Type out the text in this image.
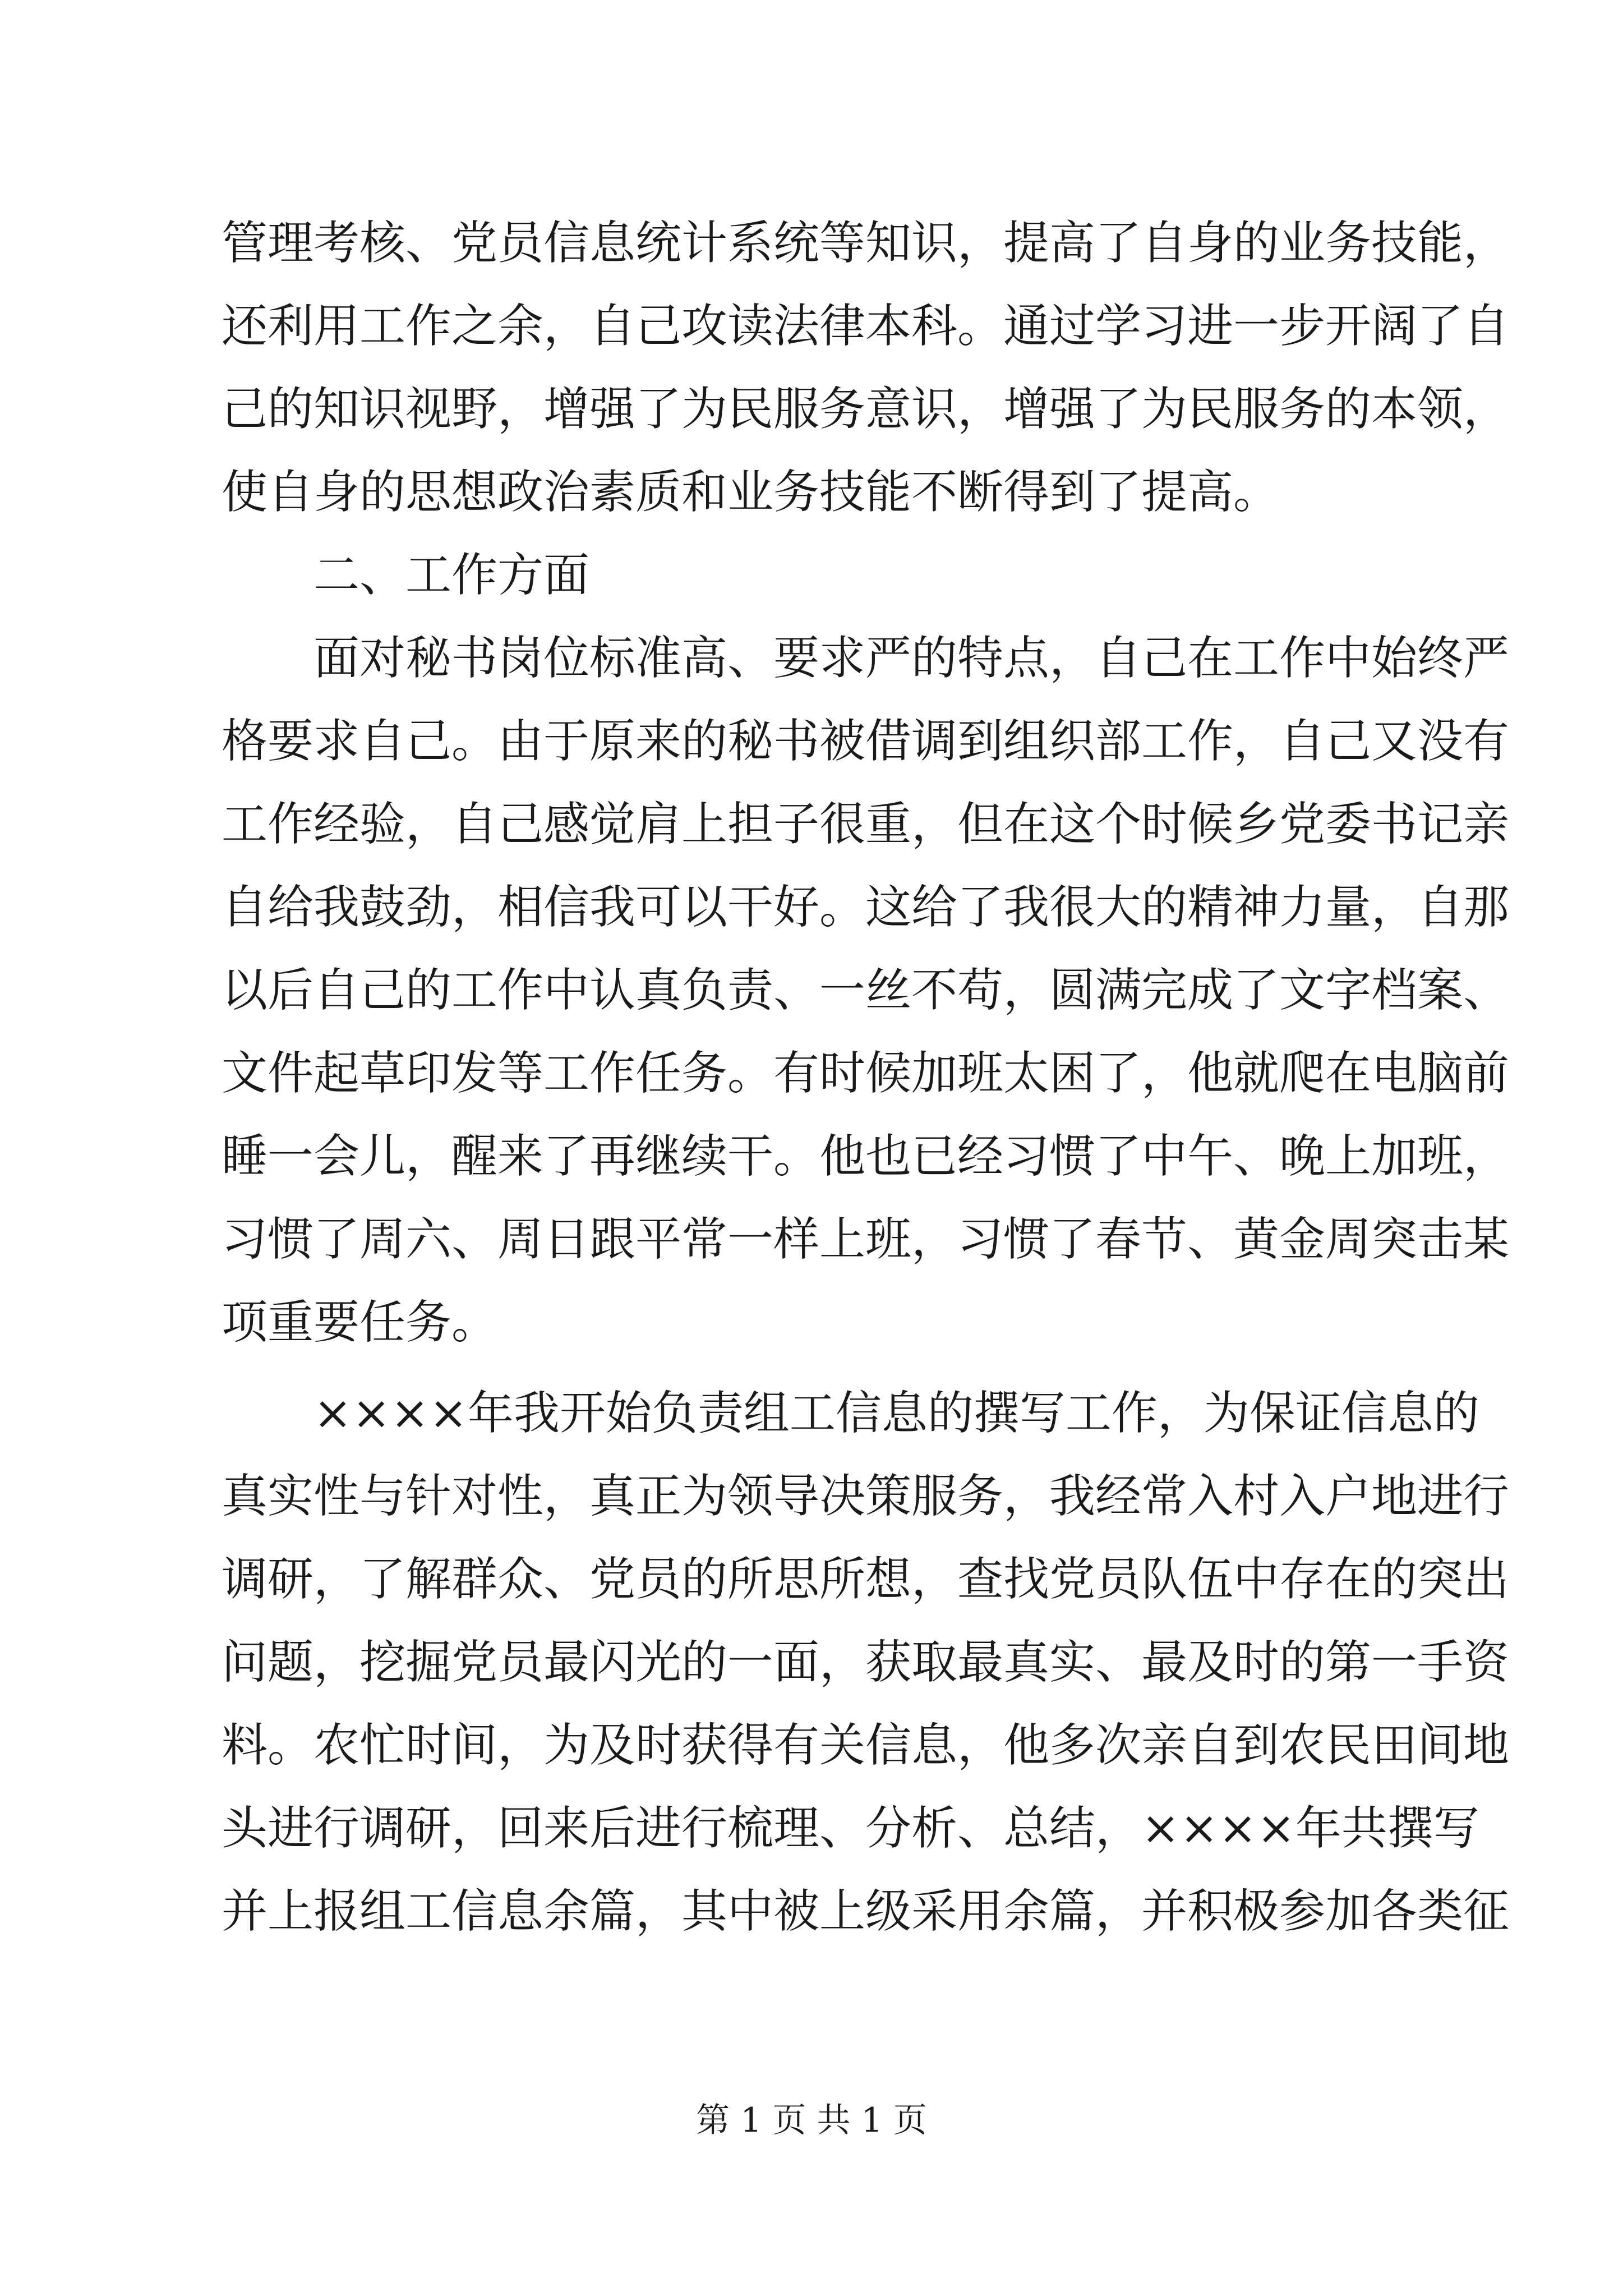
管理考核、党员信息统计系统等知识，提高了自身的业务技能，
还利用工作之余，自己攻读法律本科。通过学习进一步开阔了自
己的知识视野，增强了为民服务意识，增强了为民服务的本领，
使自身的思想政治素质和业务技能不断得到了提高。
二、工作方面
面对秘书岗位标准高、要求严的特点，自己在工作中始终严
格要求自己。由于原来的秘书被借调到组织部工作，自己又没有
工作经验，自己感觉肩上担子很重，但在这个时候乡党委书记亲
自给我鼓劲，相信我可以干好。这给了我很大的精神力量，自那
以后自己的工作中认真负责、一丝不苟，圆满完成了文字档案、
文件起草印发等工作任务。有时候加班太困了，他就爬在电脑前
睡一会儿，醒来了再继续干。他也已经习惯了中午、晚上加班，
习惯了周六、周日跟平常一样上班，习惯了春节、黄金周突击某
项重要任务。
××××年我开始负责组工信息的撰写工作，为保证信息的
真实性与针对性，真正为领导决策服务，我经常入村入户地进行
调研，了解群众、党员的所思所想，查找党员队伍中存在的突出
问题，挖掘党员最闪光的一面，获取最真实、最及时的第一手资
料。农忙时间，为及时获得有关信息，他多次亲自到农民田间地
头进行调研，回来后进行梳理、分析、总结，××××年共撰写
并上报组工信息余篇，其中被上级采用余篇，并积极参加各类征
第 1 页 共 1 页
